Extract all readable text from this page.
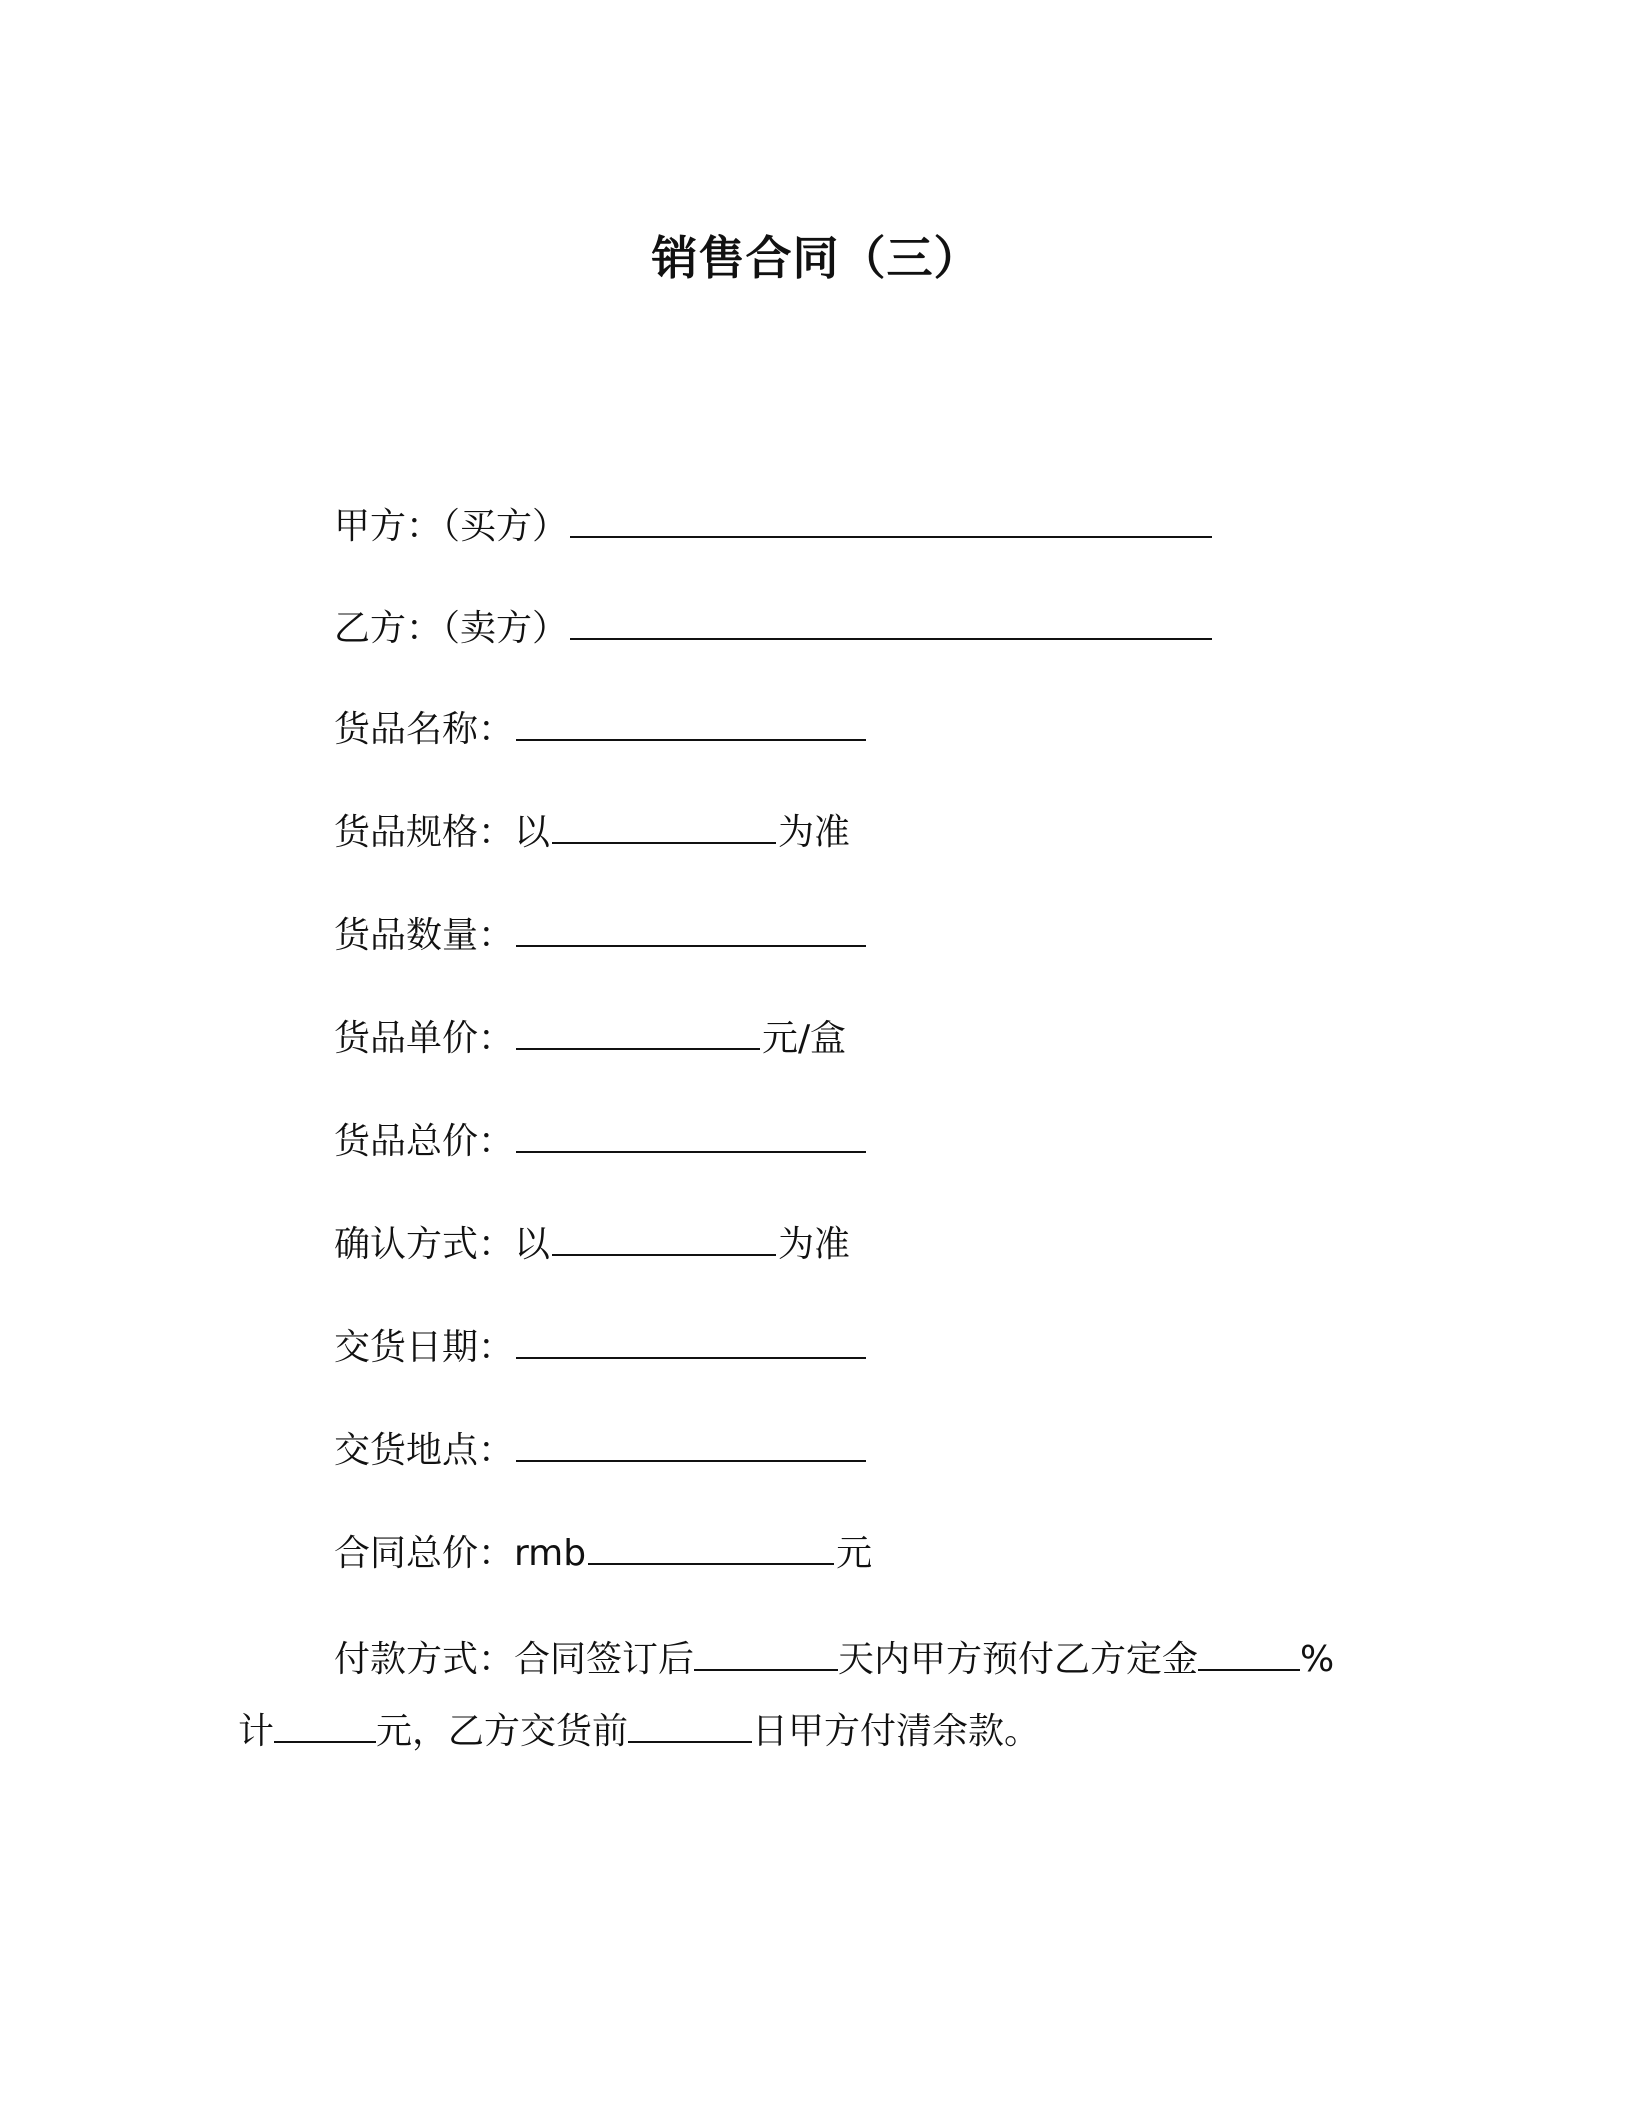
销售合同（三）

甲方：（买方）

乙方：（卖方）

货品名称：

货品规格：以	为准

货品数量：

货品单价：	元/盒

货品总价：

确认方式：以	为准

交货日期：

交货地点：

合同总价：rmb	元

付款方式：合同签订后	天内甲方预付乙方定金	%计	元，乙方交货前	日甲方付清余款。
